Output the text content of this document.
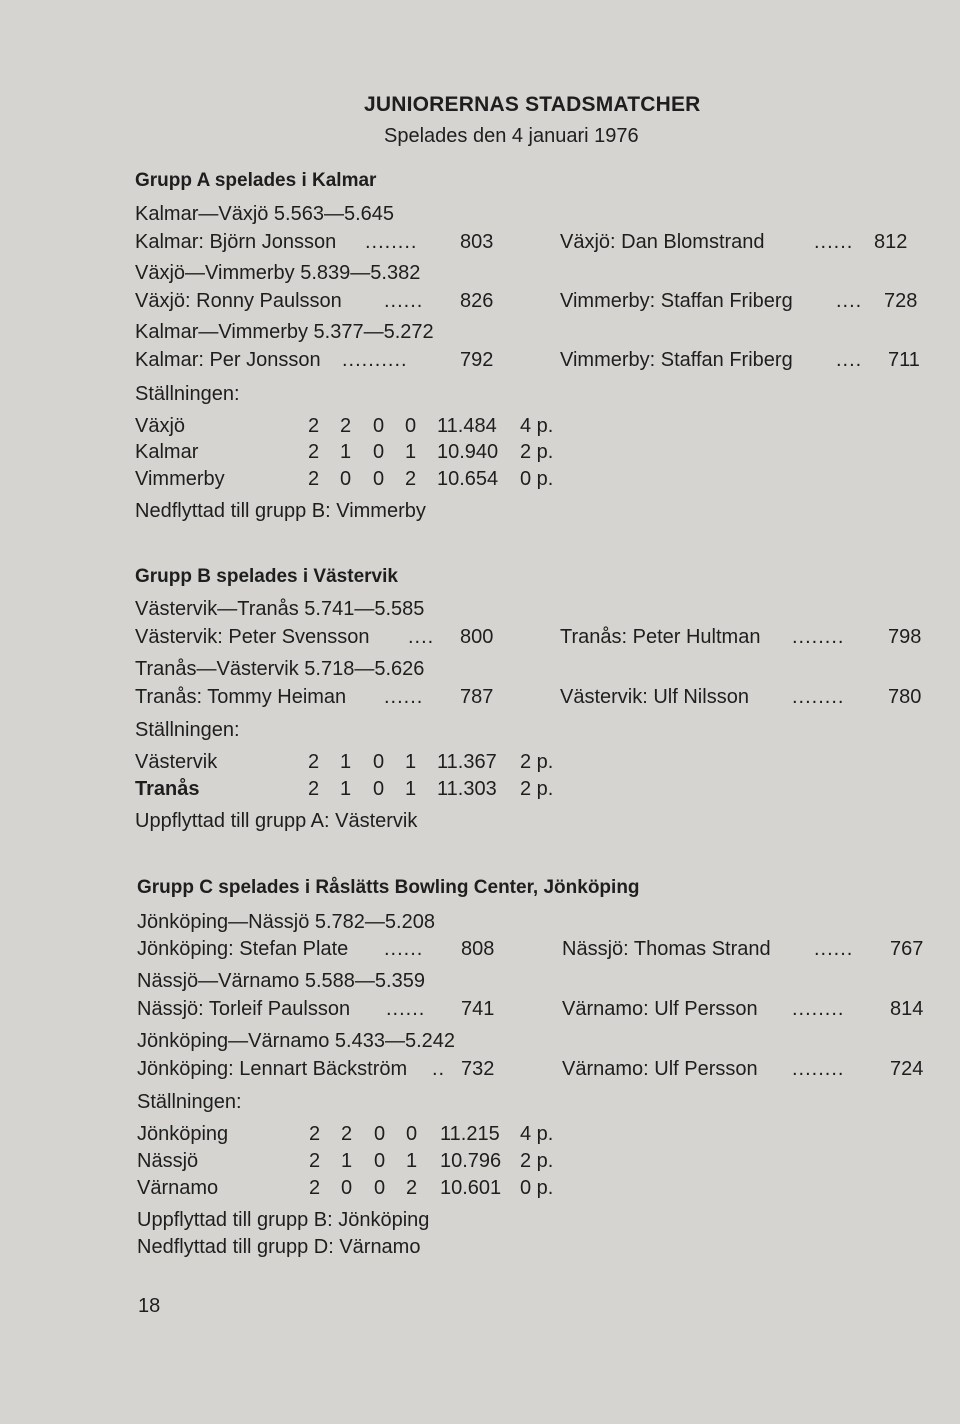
JUNIORERNAS STADSMATCHER
Spelades den 4 januari 1976
Grupp A spelades i Kalmar
Kalmar—Växjö 5.563—5.645
Kalmar: Björn Jonsson ........ 803	Växjö: Dan Blomstrand ...... 812
Växjö—Vimmerby 5.839—5.382
Växjö: Ronny Paulsson ...... 826	Vimmerby: Staffan Friberg .... 728
Kalmar—Vimmerby 5.377—5.272
Kalmar: Per Jonsson ..........	792	Vimmerby: Staffan Friberg .... 711
Ställningen:
Växjö	2 2 0 0 11.484 4 p.
Kalmar	2 1 0 1 10.940 2 p.
Vimmerby	2 0 0 2 10.654 0 p.
Nedflyttad till grupp B: Vimmerby
Grupp B spelades i Västervik
Västervik—Tranås 5.741—5.585
Västervik: Peter Svensson .... 800	Tranås: Peter Hultman ........ 798
Tranås—Västervik 5.718—5.626
Tranås: Tommy Heiman ...... 787	Västervik: Ulf Nilsson ........ 780
Ställningen:
Västervik	2 1 0 1 11.367 2 p.
Tranås	2 1 0 1 11.303 2 p.
Uppflyttad till grupp A: Västervik
Grupp C spelades i Råslätts Bowling Center, Jönköping
Jönköping—Nässjö 5.782—5.208
Jönköping: Stefan Plate ...... 808	Nässjö: Thomas Strand ...... 767
Nässjö—Värnamo 5.588—5.359
Nässjö: Torleif Paulsson ...... 741	Värnamo: Ulf Persson ........ 814
Jönköping—Värnamo 5.433—5.242
Jönköping: Lennart Bäckström .. 732	Värnamo: Ulf Persson ........ 724
Ställningen:
Jönköping	2 2 0 0 11.215 4 p.
Nässjö	2 1 0 1 10.796 2 p.
Värnamo	2 0 0 2 10.601 0 p.
Uppflyttad till grupp B: Jönköping
Nedflyttad till grupp D: Värnamo
18
